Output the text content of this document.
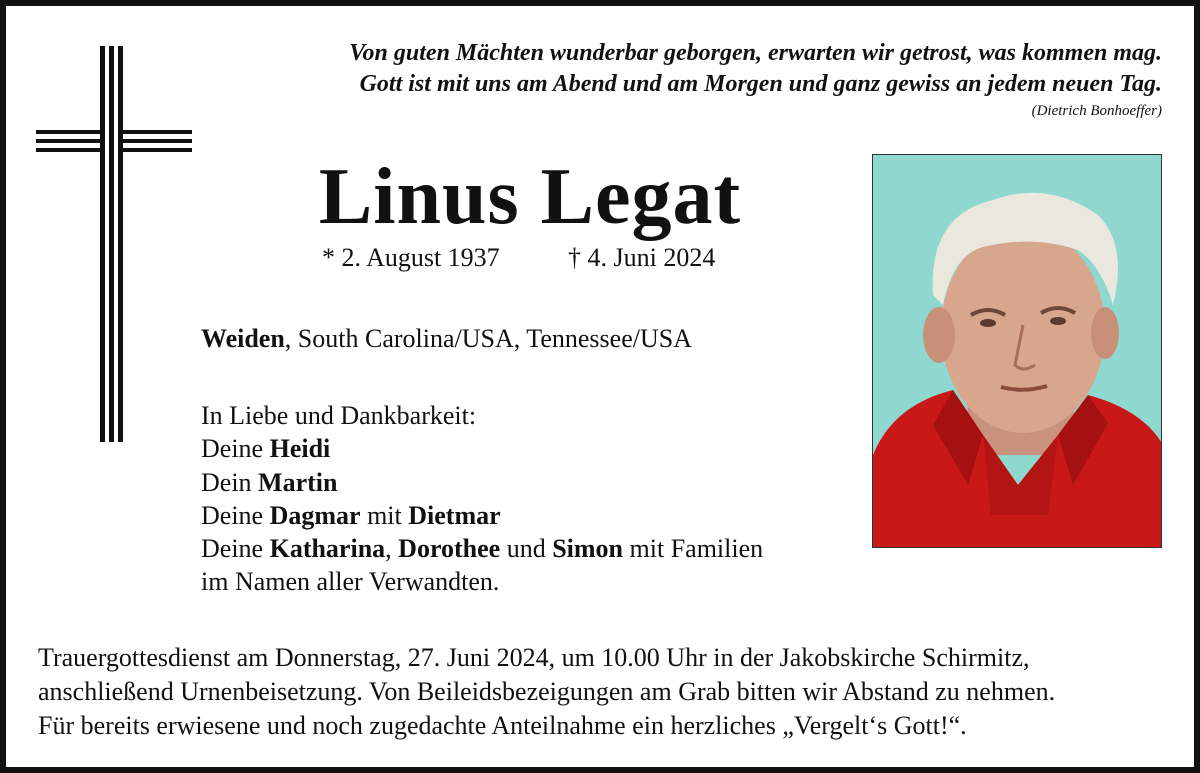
Von guten Mächten wunderbar geborgen, erwarten wir getrost, was kommen mag.
Gott ist mit uns am Abend und am Morgen und ganz gewiss an jedem neuen Tag.
(Dietrich Bonhoeffer)
Linus Legat
* 2. August 1937	† 4. Juni 2024
Weiden, South Carolina/USA, Tennessee/USA
In Liebe und Dankbarkeit:
Deine Heidi
Dein Martin
Deine Dagmar mit Dietmar
Deine Katharina, Dorothee und Simon mit Familien
im Namen aller Verwandten.
Trauergottesdienst am Donnerstag, 27. Juni 2024, um 10.00 Uhr in der Jakobskirche Schirmitz,
anschließend Urnenbeisetzung. Von Beileidsbezeigungen am Grab bitten wir Abstand zu nehmen.
Für bereits erwiesene und noch zugedachte Anteilnahme ein herzliches „Vergelt‘s Gott!“.
